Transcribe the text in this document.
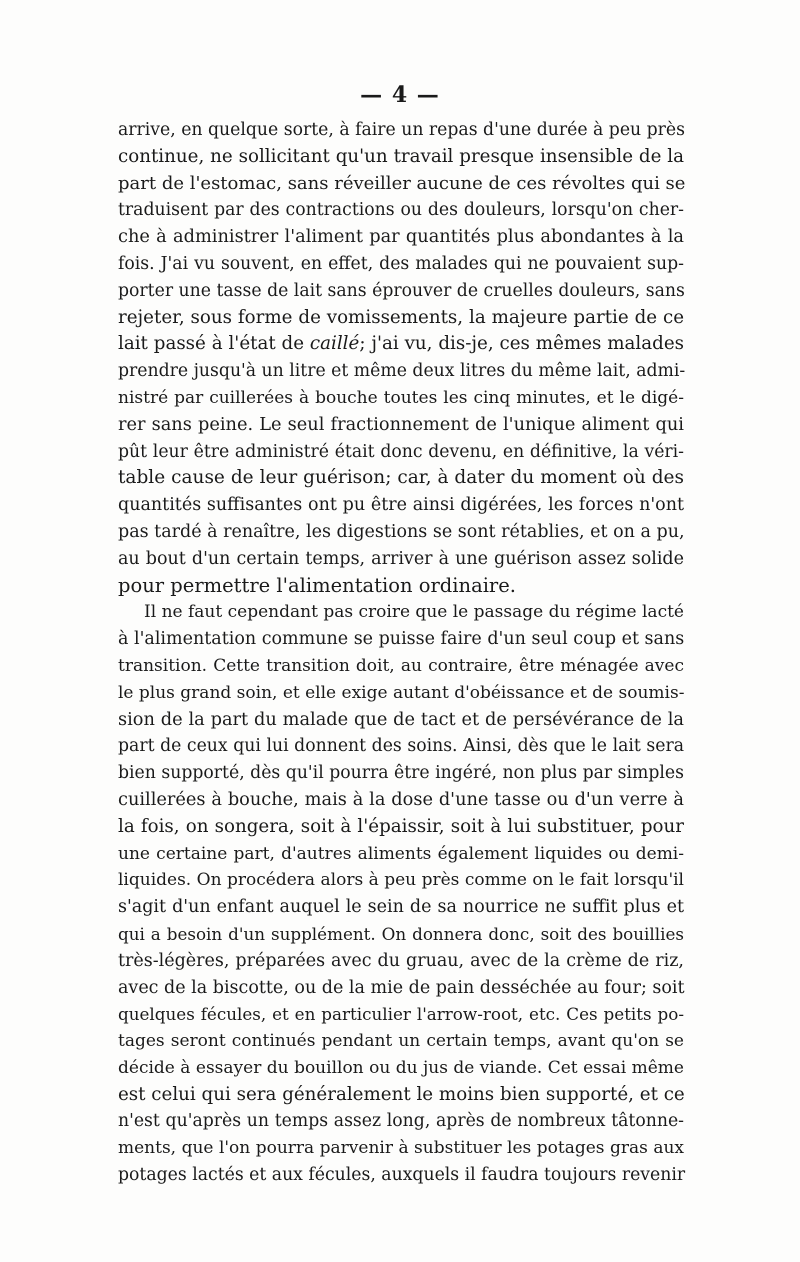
— 4 —
arrive, en quelque sorte, à faire un repas d'une durée à peu près
continue, ne sollicitant qu'un travail presque insensible de la
part de l'estomac, sans réveiller aucune de ces révoltes qui se
traduisent par des contractions ou des douleurs, lorsqu'on cher-
che à administrer l'aliment par quantités plus abondantes à la
fois. J'ai vu souvent, en effet, des malades qui ne pouvaient sup-
porter une tasse de lait sans éprouver de cruelles douleurs, sans
rejeter, sous forme de vomissements, la majeure partie de ce
lait passé à l'état de caillé; j'ai vu, dis-je, ces mêmes malades
prendre jusqu'à un litre et même deux litres du même lait, admi-
nistré par cuillerées à bouche toutes les cinq minutes, et le digé-
rer sans peine. Le seul fractionnement de l'unique aliment qui
pût leur être administré était donc devenu, en définitive, la véri-
table cause de leur guérison; car, à dater du moment où des
quantités suffisantes ont pu être ainsi digérées, les forces n'ont
pas tardé à renaître, les digestions se sont rétablies, et on a pu,
au bout d'un certain temps, arriver à une guérison assez solide
pour permettre l'alimentation ordinaire.
Il ne faut cependant pas croire que le passage du régime lacté
à l'alimentation commune se puisse faire d'un seul coup et sans
transition. Cette transition doit, au contraire, être ménagée avec
le plus grand soin, et elle exige autant d'obéissance et de soumis-
sion de la part du malade que de tact et de persévérance de la
part de ceux qui lui donnent des soins. Ainsi, dès que le lait sera
bien supporté, dès qu'il pourra être ingéré, non plus par simples
cuillerées à bouche, mais à la dose d'une tasse ou d'un verre à
la fois, on songera, soit à l'épaissir, soit à lui substituer, pour
une certaine part, d'autres aliments également liquides ou demi-
liquides. On procédera alors à peu près comme on le fait lorsqu'il
s'agit d'un enfant auquel le sein de sa nourrice ne suffit plus et
qui a besoin d'un supplément. On donnera donc, soit des bouillies
très-légères, préparées avec du gruau, avec de la crème de riz,
avec de la biscotte, ou de la mie de pain desséchée au four; soit
quelques fécules, et en particulier l'arrow-root, etc. Ces petits po-
tages seront continués pendant un certain temps, avant qu'on se
décide à essayer du bouillon ou du jus de viande. Cet essai même
est celui qui sera généralement le moins bien supporté, et ce
n'est qu'après un temps assez long, après de nombreux tâtonne-
ments, que l'on pourra parvenir à substituer les potages gras aux
potages lactés et aux fécules, auxquels il faudra toujours revenir
